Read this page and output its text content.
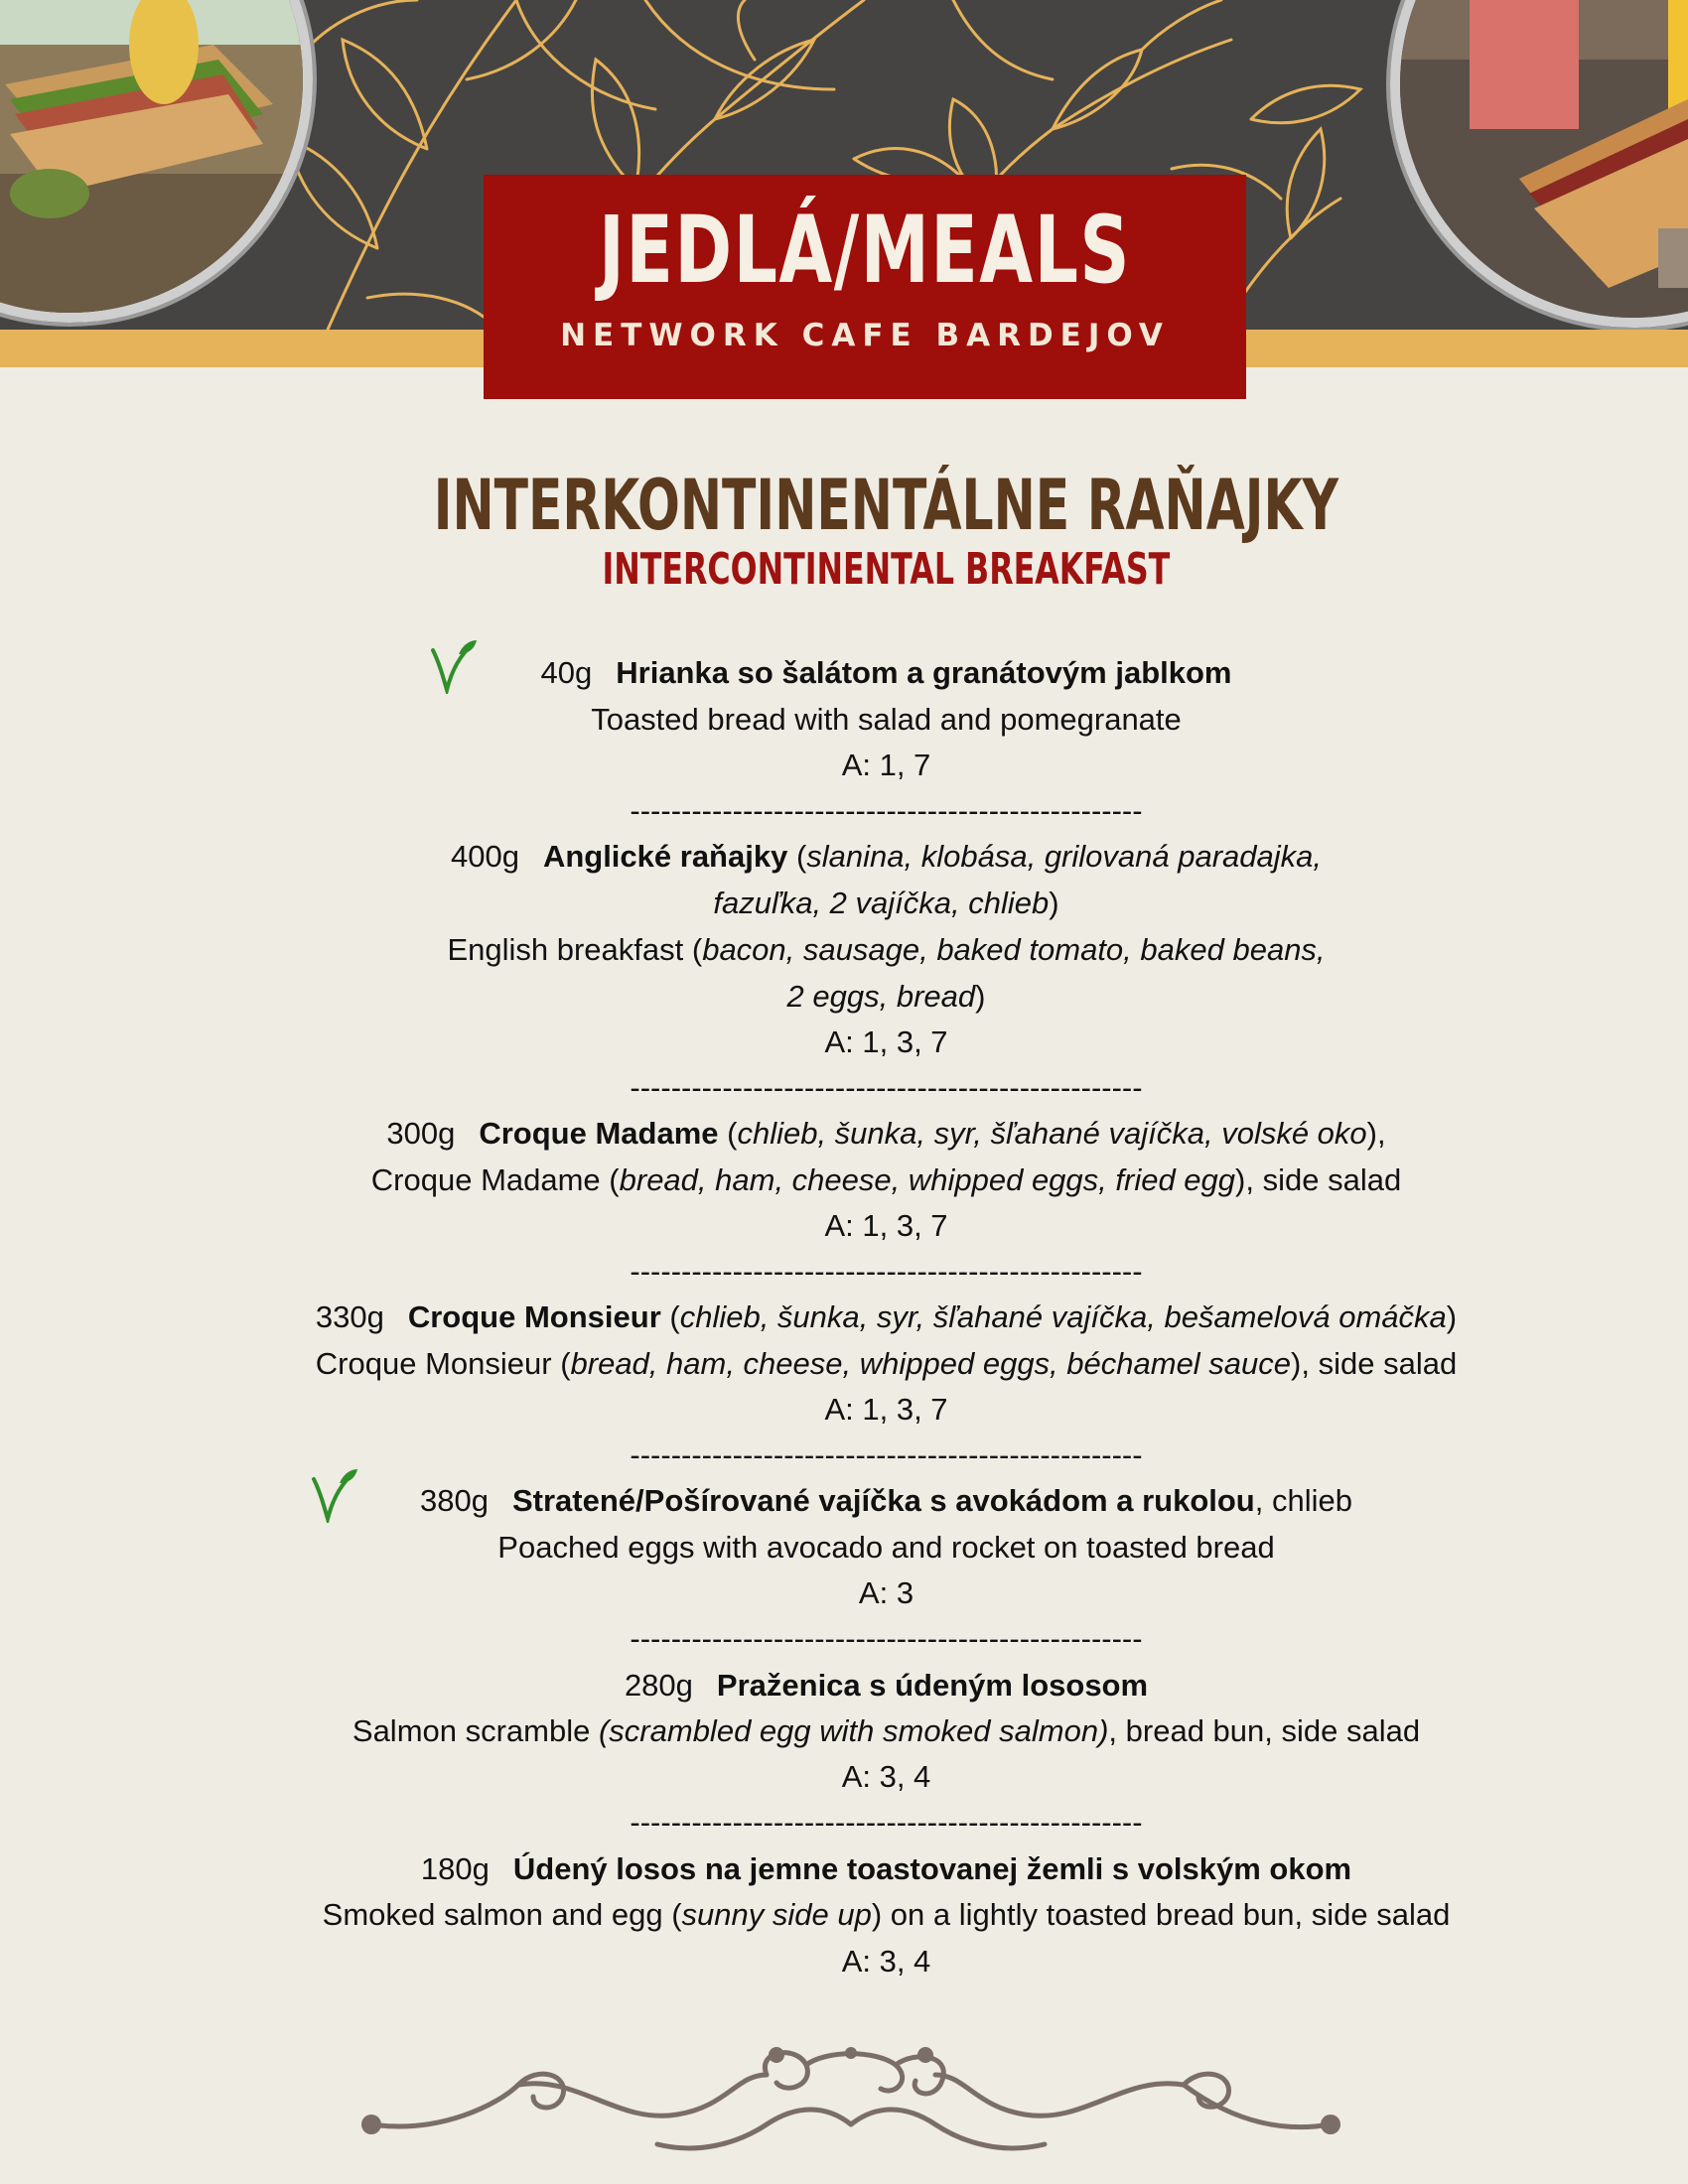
JEDLÁ/MEALS
NETWORK CAFE BARDEJOV
INTERKONTINENTÁLNE RAŇAJKY
INTERCONTINENTAL BREAKFAST
40g Hrianka so šalátom a granátovým jablkom
Toasted bread with salad and pomegranate
A: 1, 7
--------------------------------------------------
400g Anglické raňajky (slanina, klobása, grilovaná paradajka,
fazuľka, 2 vajíčka, chlieb)
English breakfast (bacon, sausage, baked tomato, baked beans,
2 eggs, bread)
A: 1, 3, 7
--------------------------------------------------
300g Croque Madame (chlieb, šunka, syr, šľahané vajíčka, volské oko),
Croque Madame (bread, ham, cheese, whipped eggs, fried egg), side salad
A: 1, 3, 7
--------------------------------------------------
330g Croque Monsieur (chlieb, šunka, syr, šľahané vajíčka, bešamelová omáčka)
Croque Monsieur (bread, ham, cheese, whipped eggs, béchamel sauce), side salad
A: 1, 3, 7
--------------------------------------------------
380g Stratené/Pošírované vajíčka s avokádom a rukolou, chlieb
Poached eggs with avocado and rocket on toasted bread
A: 3
--------------------------------------------------
280g Praženica s údeným lososom
Salmon scramble (scrambled egg with smoked salmon), bread bun, side salad
A: 3, 4
--------------------------------------------------
180g Údený losos na jemne toastovanej žemli s volským okom
Smoked salmon and egg (sunny side up) on a lightly toasted bread bun, side salad
A: 3, 4
